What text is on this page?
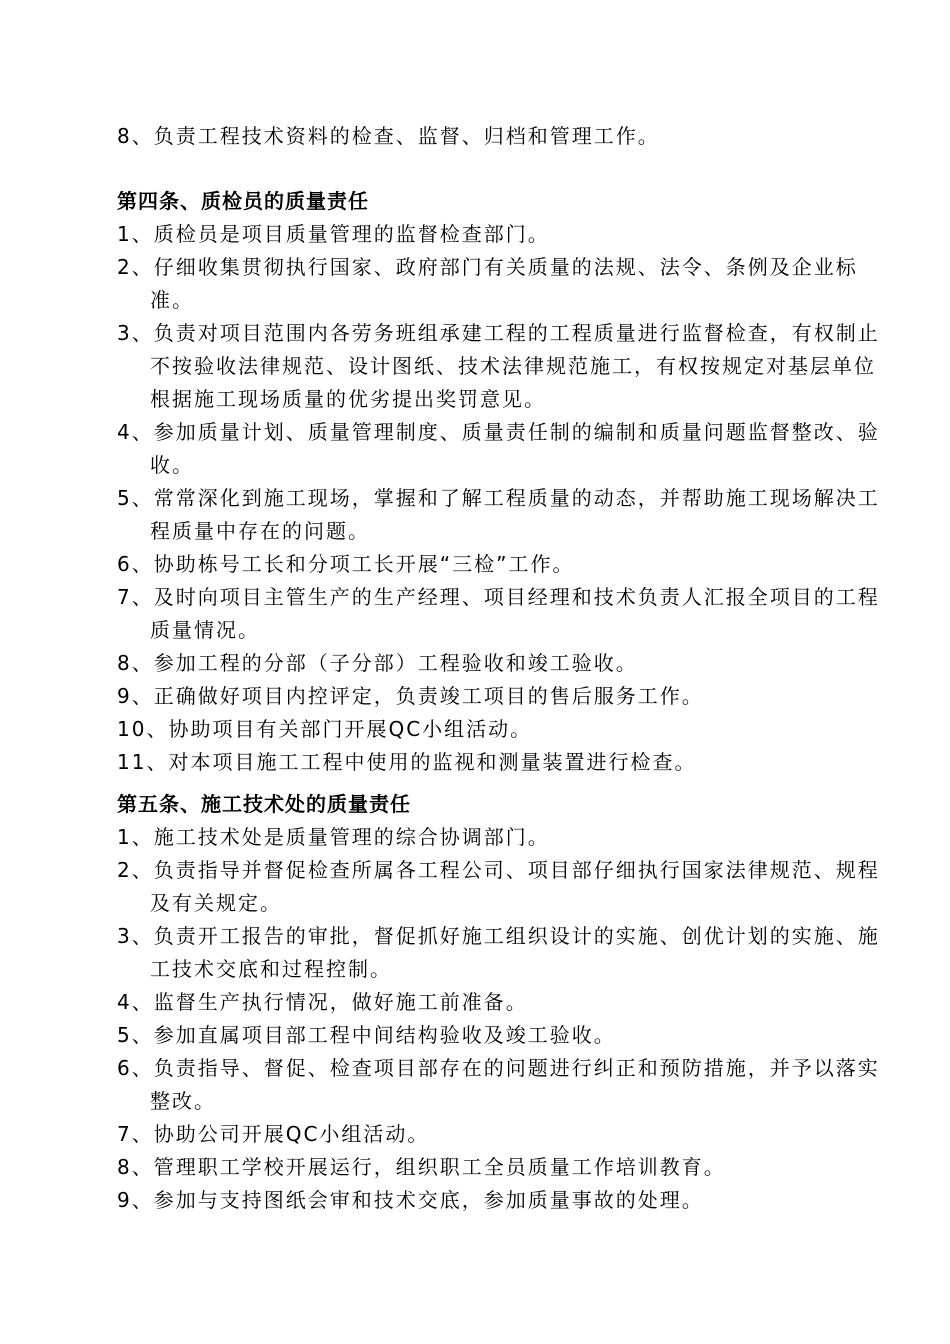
8、负责工程技术资料的检查、监督、归档和管理工作。
第四条、质检员的质量责任
1、质检员是项目质量管理的监督检查部门。
2、仔细收集贯彻执行国家、政府部门有关质量的法规、法令、条例及企业标准。
3、负责对项目范围内各劳务班组承建工程的工程质量进行监督检查，有权制止不按验收法律规范、设计图纸、技术法律规范施工，有权按规定对基层单位根据施工现场质量的优劣提出奖罚意见。
4、参加质量计划、质量管理制度、质量责任制的编制和质量问题监督整改、验收。
5、常常深化到施工现场，掌握和了解工程质量的动态，并帮助施工现场解决工程质量中存在的问题。
6、协助栋号工长和分项工长开展“三检”工作。
7、及时向项目主管生产的生产经理、项目经理和技术负责人汇报全项目的工程质量情况。
8、参加工程的分部（子分部）工程验收和竣工验收。
9、正确做好项目内控评定，负责竣工项目的售后服务工作。
10、协助项目有关部门开展QC小组活动。
11、对本项目施工工程中使用的监视和测量装置进行检查。
第五条、施工技术处的质量责任
1、施工技术处是质量管理的综合协调部门。
2、负责指导并督促检查所属各工程公司、项目部仔细执行国家法律规范、规程及有关规定。
3、负责开工报告的审批，督促抓好施工组织设计的实施、创优计划的实施、施工技术交底和过程控制。
4、监督生产执行情况，做好施工前准备。
5、参加直属项目部工程中间结构验收及竣工验收。
6、负责指导、督促、检查项目部存在的问题进行纠正和预防措施，并予以落实整改。
7、协助公司开展QC小组活动。
8、管理职工学校开展运行，组织职工全员质量工作培训教育。
9、参加与支持图纸会审和技术交底，参加质量事故的处理。
